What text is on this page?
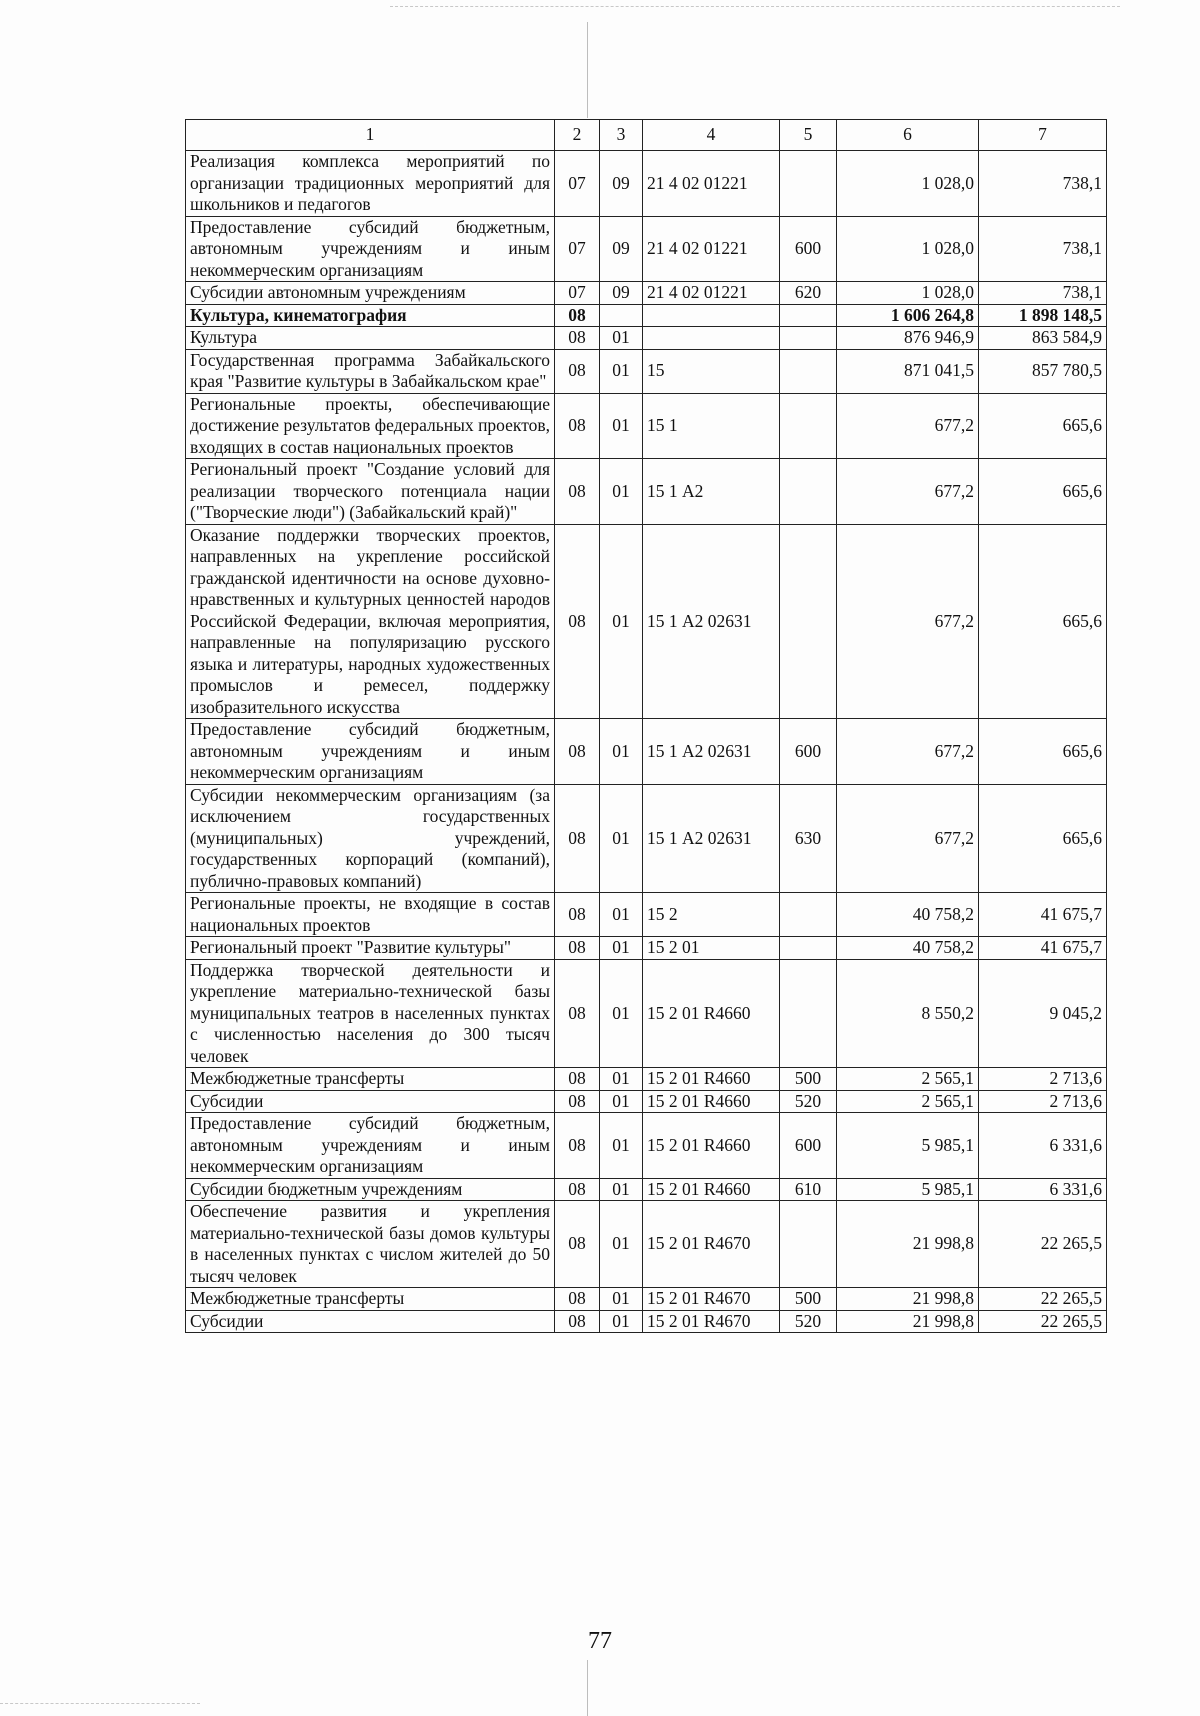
1	2	3	4	5	6	7
Реализация комплекса мероприятий по организации традиционных мероприятий для школьников и педагогов	07	09	21 4 02 01221		1 028,0	738,1
Предоставление субсидий бюджетным, автономным учреждениям и иным некоммерческим организациям	07	09	21 4 02 01221	600	1 028,0	738,1
Субсидии автономным учреждениям	07	09	21 4 02 01221	620	1 028,0	738,1
Культура, кинематография	08				1 606 264,8	1 898 148,5
Культура	08	01			876 946,9	863 584,9
Государственная программа Забайкальского края "Развитие культуры в Забайкальском крае"	08	01	15		871 041,5	857 780,5
Региональные проекты, обеспечивающие достижение результатов федеральных проектов, входящих в состав национальных проектов	08	01	15 1		677,2	665,6
Региональный проект "Создание условий для реализации творческого потенциала нации ("Творческие люди") (Забайкальский край)"	08	01	15 1 А2		677,2	665,6
Оказание поддержки творческих проектов, направленных на укрепление российской гражданской идентичности на основе духовно-нравственных и культурных ценностей народов Российской Федерации, включая мероприятия, направленные на популяризацию русского языка и литературы, народных художественных промыслов и ремесел, поддержку изобразительного искусства	08	01	15 1 А2 02631		677,2	665,6
Предоставление субсидий бюджетным, автономным учреждениям и иным некоммерческим организациям	08	01	15 1 А2 02631	600	677,2	665,6
Субсидии некоммерческим организациям (за исключением государственных (муниципальных) учреждений, государственных корпораций (компаний), публично-правовых компаний)	08	01	15 1 А2 02631	630	677,2	665,6
Региональные проекты, не входящие в состав национальных проектов	08	01	15 2		40 758,2	41 675,7
Региональный проект "Развитие культуры"	08	01	15 2 01		40 758,2	41 675,7
Поддержка творческой деятельности и укрепление материально-технической базы муниципальных театров в населенных пунктах с численностью населения до 300 тысяч человек	08	01	15 2 01 R4660		8 550,2	9 045,2
Межбюджетные трансферты	08	01	15 2 01 R4660	500	2 565,1	2 713,6
Субсидии	08	01	15 2 01 R4660	520	2 565,1	2 713,6
Предоставление субсидий бюджетным, автономным учреждениям и иным некоммерческим организациям	08	01	15 2 01 R4660	600	5 985,1	6 331,6
Субсидии бюджетным учреждениям	08	01	15 2 01 R4660	610	5 985,1	6 331,6
Обеспечение развития и укрепления материально-технической базы домов культуры в населенных пунктах с числом жителей до 50 тысяч человек	08	01	15 2 01 R4670		21 998,8	22 265,5
Межбюджетные трансферты	08	01	15 2 01 R4670	500	21 998,8	22 265,5
Субсидии	08	01	15 2 01 R4670	520	21 998,8	22 265,5
77
